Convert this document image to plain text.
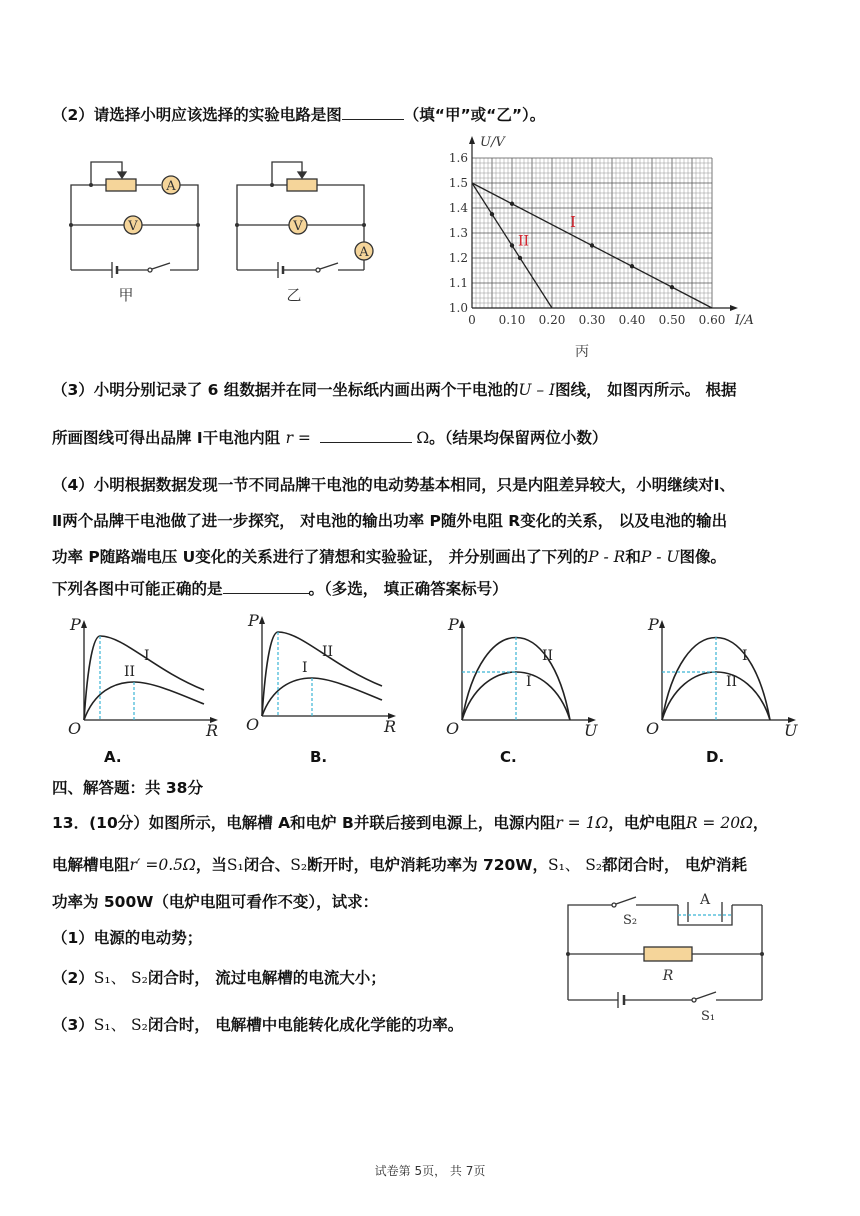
（2）请选择小明应该选择的实验电路是图	（填“甲”或“乙”）。
A
V
甲
A
V
乙
I
II
0 0.10 0.20 0.30 0.40 0.50 0.60
1.0
1.1
1.2
1.3
1.4
1.5
1.6
U/V
I/A
丙
（3）小明分别记录了 6 组数据并在同一坐标纸内画出两个干电池的U – I图线， 如图丙所示。 根据
所画图线可得出品牌 I干电池内阻 r =	Ω。（结果均保留两位小数）
（4）小明根据数据发现一节不同品牌干电池的电动势基本相同，只是内阻差异较大，小明继续对Ⅰ、
Ⅱ两个品牌干电池做了进一步探究， 对电池的输出功率 P随外电阻 R变化的关系， 以及电池的输出
功率 P随路端电压 U变化的关系进行了猜想和实验验证， 并分别画出了下列的P - R和P - U图像。
下列各图中可能正确的是	。（多选， 填正确答案标号）
P
O	R
I
II
P
O	R
II
I
P
O	U
II
I
P
O	U
I
II
A.	B.	C.	D.
四、解答题：共 38分
13．(10分）如图所示，电解槽 A和电炉 B并联后接到电源上，电源内阻r = 1Ω，电炉电阻R = 20Ω，
电解槽电阻r′ =0.5Ω，当S₁闭合、S₂断开时，电炉消耗功率为 720W，S₁、 S₂都闭合时， 电炉消耗
功率为 500W（电炉电阻可看作不变），试求：
（1）电源的电动势；
（2）S₁、 S₂闭合时， 流过电解槽的电流大小；
（3）S₁、 S₂闭合时， 电解槽中电能转化成化学能的功率。
A
R
S₁
S₂
试卷第 5页， 共 7页
